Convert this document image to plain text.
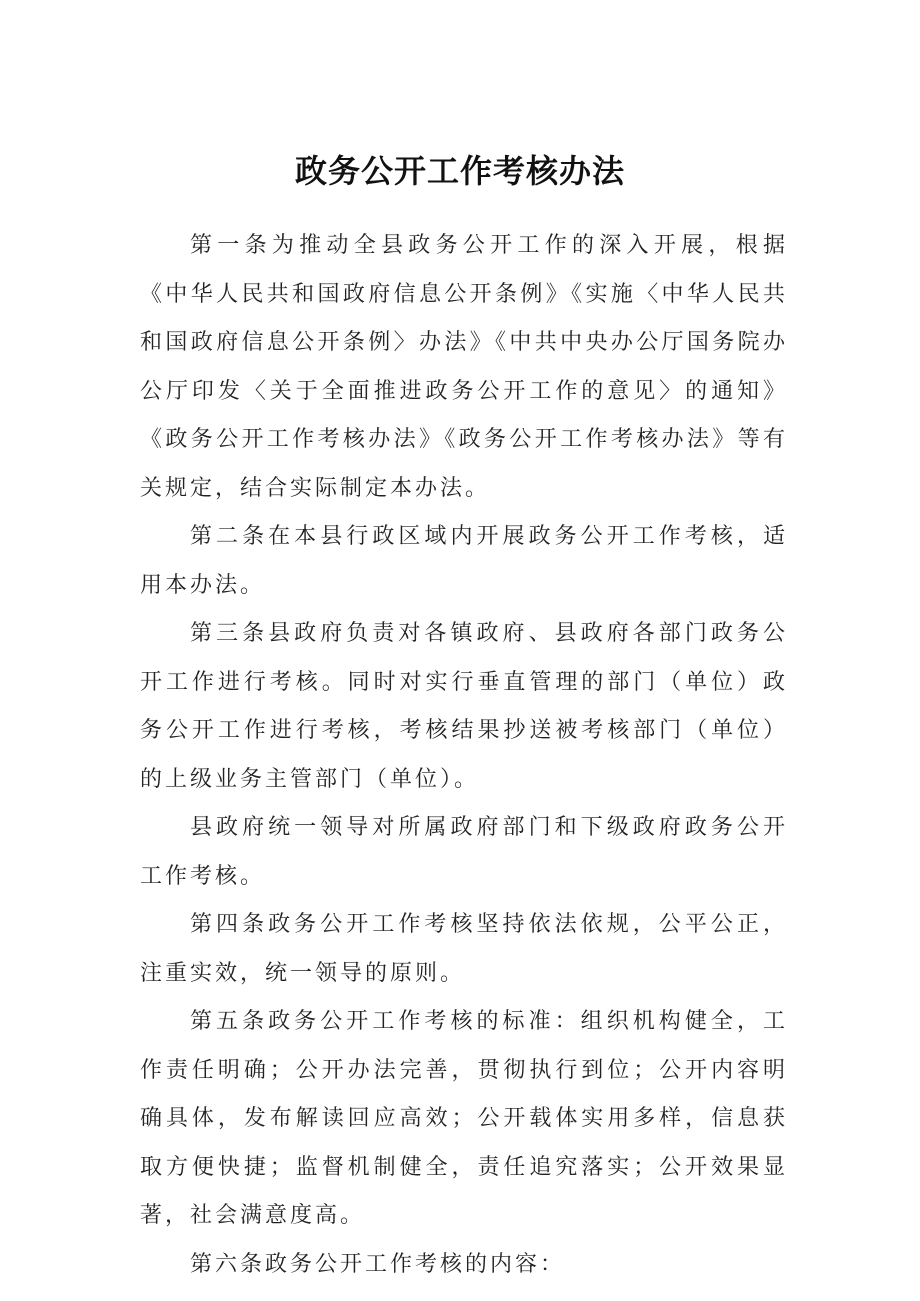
政务公开工作考核办法

第一条为推动全县政务公开工作的深入开展，根据《中华人民共和国政府信息公开条例》《实施〈中华人民共和国政府信息公开条例〉办法》《中共中央办公厅国务院办公厅印发〈关于全面推进政务公开工作的意见〉的通知》《政务公开工作考核办法》《政务公开工作考核办法》等有关规定，结合实际制定本办法。

第二条在本县行政区域内开展政务公开工作考核，适用本办法。

第三条县政府负责对各镇政府、县政府各部门政务公开工作进行考核。同时对实行垂直管理的部门（单位）政务公开工作进行考核，考核结果抄送被考核部门（单位）的上级业务主管部门（单位）。

县政府统一领导对所属政府部门和下级政府政务公开工作考核。

第四条政务公开工作考核坚持依法依规，公平公正，注重实效，统一领导的原则。

第五条政务公开工作考核的标准：组织机构健全，工作责任明确；公开办法完善，贯彻执行到位；公开内容明确具体，发布解读回应高效；公开载体实用多样，信息获取方便快捷；监督机制健全，责任追究落实；公开效果显著，社会满意度高。

第六条政务公开工作考核的内容：
